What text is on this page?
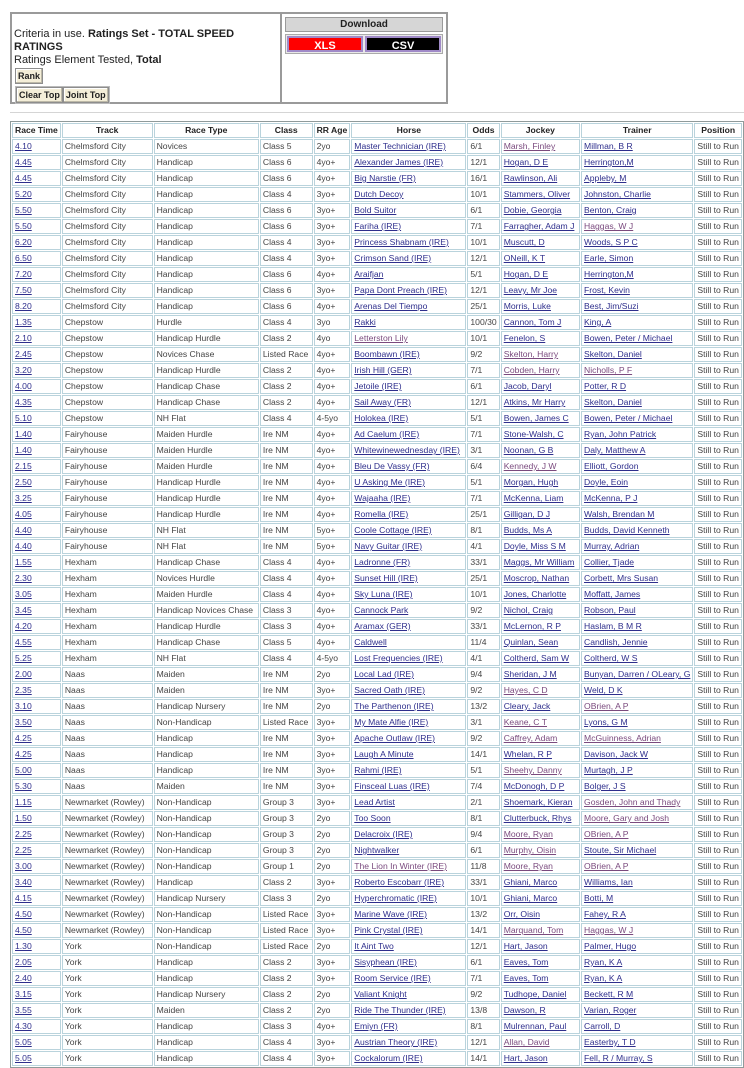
Criteria in use. Ratings Set - TOTAL SPEED RATINGS
Ratings Element Tested, Total
Rank
Clear Top Joint Top
Download
XLS	CSV
Race Time	Track	Race Type	Class	RR Age	Horse	Odds	Jockey	Trainer	Position
4.10	Chelmsford City	Novices	Class 5	2yo	Master Technician (IRE)	6/1	Marsh, Finley	Millman, B R	Still to Run
4.45	Chelmsford City	Handicap	Class 6	4yo+	Alexander James (IRE)	12/1	Hogan, D E	Herrington,M	Still to Run
4.45	Chelmsford City	Handicap	Class 6	4yo+	Big Narstie (FR)	16/1	Rawlinson, Ali	Appleby, M	Still to Run
5.20	Chelmsford City	Handicap	Class 4	3yo+	Dutch Decoy	10/1	Stammers, Oliver	Johnston, Charlie	Still to Run
5.50	Chelmsford City	Handicap	Class 6	3yo+	Bold Suitor	6/1	Dobie, Georgia	Benton, Craig	Still to Run
5.50	Chelmsford City	Handicap	Class 6	3yo+	Fariha (IRE)	7/1	Farragher, Adam J	Haggas, W J	Still to Run
6.20	Chelmsford City	Handicap	Class 4	3yo+	Princess Shabnam (IRE)	10/1	Muscutt, D	Woods, S P C	Still to Run
6.50	Chelmsford City	Handicap	Class 4	3yo+	Crimson Sand (IRE)	12/1	ONeill, K T	Earle, Simon	Still to Run
7.20	Chelmsford City	Handicap	Class 6	4yo+	Araifjan	5/1	Hogan, D E	Herrington,M	Still to Run
7.50	Chelmsford City	Handicap	Class 6	3yo+	Papa Dont Preach (IRE)	12/1	Leavy, Mr Joe	Frost, Kevin	Still to Run
8.20	Chelmsford City	Handicap	Class 6	4yo+	Arenas Del Tiempo	25/1	Morris, Luke	Best, Jim/Suzi	Still to Run
1.35	Chepstow	Hurdle	Class 4	3yo	Rakki	100/30	Cannon, Tom J	King, A	Still to Run
2.10	Chepstow	Handicap Hurdle	Class 2	4yo	Letterston Lily	10/1	Fenelon, S	Bowen, Peter / Michael	Still to Run
2.45	Chepstow	Novices Chase	Listed Race	4yo+	Boombawn (IRE)	9/2	Skelton, Harry	Skelton, Daniel	Still to Run
3.20	Chepstow	Handicap Hurdle	Class 2	4yo+	Irish Hill (GER)	7/1	Cobden, Harry	Nicholls, P F	Still to Run
4.00	Chepstow	Handicap Chase	Class 2	4yo+	Jetoile (IRE)	6/1	Jacob, Daryl	Potter, R D	Still to Run
4.35	Chepstow	Handicap Chase	Class 2	4yo+	Sail Away (FR)	12/1	Atkins, Mr Harry	Skelton, Daniel	Still to Run
5.10	Chepstow	NH Flat	Class 4	4-5yo	Holokea (IRE)	5/1	Bowen, James C	Bowen, Peter / Michael	Still to Run
1.40	Fairyhouse	Maiden Hurdle	Ire NM	4yo+	Ad Caelum (IRE)	7/1	Stone-Walsh, C	Ryan, John Patrick	Still to Run
1.40	Fairyhouse	Maiden Hurdle	Ire NM	4yo+	Whitewinewednesday (IRE)	3/1	Noonan, G B	Daly, Matthew A	Still to Run
2.15	Fairyhouse	Maiden Hurdle	Ire NM	4yo+	Bleu De Vassy (FR)	6/4	Kennedy, J W	Elliott, Gordon	Still to Run
2.50	Fairyhouse	Handicap Hurdle	Ire NM	4yo+	U Asking Me (IRE)	5/1	Morgan, Hugh	Doyle, Eoin	Still to Run
3.25	Fairyhouse	Handicap Hurdle	Ire NM	4yo+	Wajaaha (IRE)	7/1	McKenna, Liam	McKenna, P J	Still to Run
4.05	Fairyhouse	Handicap Hurdle	Ire NM	4yo+	Romella (IRE)	25/1	Gilligan, D J	Walsh, Brendan M	Still to Run
4.40	Fairyhouse	NH Flat	Ire NM	5yo+	Coole Cottage (IRE)	8/1	Budds, Ms A	Budds, David Kenneth	Still to Run
4.40	Fairyhouse	NH Flat	Ire NM	5yo+	Navy Guitar (IRE)	4/1	Doyle, Miss S M	Murray, Adrian	Still to Run
1.55	Hexham	Handicap Chase	Class 4	4yo+	Ladronne (FR)	33/1	Maggs, Mr William	Collier, Tjade	Still to Run
2.30	Hexham	Novices Hurdle	Class 4	4yo+	Sunset Hill (IRE)	25/1	Moscrop, Nathan	Corbett, Mrs Susan	Still to Run
3.05	Hexham	Maiden Hurdle	Class 4	4yo+	Sky Luna (IRE)	10/1	Jones, Charlotte	Moffatt, James	Still to Run
3.45	Hexham	Handicap Novices Chase	Class 3	4yo+	Cannock Park	9/2	Nichol, Craig	Robson, Paul	Still to Run
4.20	Hexham	Handicap Hurdle	Class 3	4yo+	Aramax (GER)	33/1	McLernon, R P	Haslam, B M R	Still to Run
4.55	Hexham	Handicap Chase	Class 5	4yo+	Caldwell	11/4	Quinlan, Sean	Candlish, Jennie	Still to Run
5.25	Hexham	NH Flat	Class 4	4-5yo	Lost Frequencies (IRE)	4/1	Coltherd, Sam W	Coltherd, W S	Still to Run
2.00	Naas	Maiden	Ire NM	2yo	Local Lad (IRE)	9/4	Sheridan, J M	Bunyan, Darren / OLeary, G	Still to Run
2.35	Naas	Maiden	Ire NM	3yo+	Sacred Oath (IRE)	9/2	Hayes, C D	Weld, D K	Still to Run
3.10	Naas	Handicap Nursery	Ire NM	2yo	The Parthenon (IRE)	13/2	Cleary, Jack	OBrien, A P	Still to Run
3.50	Naas	Non-Handicap	Listed Race	3yo+	My Mate Alfie (IRE)	3/1	Keane, C T	Lyons, G M	Still to Run
4.25	Naas	Handicap	Ire NM	3yo+	Apache Outlaw (IRE)	9/2	Caffrey, Adam	McGuinness, Adrian	Still to Run
4.25	Naas	Handicap	Ire NM	3yo+	Laugh A Minute	14/1	Whelan, R P	Davison, Jack W	Still to Run
5.00	Naas	Handicap	Ire NM	3yo+	Rahmi (IRE)	5/1	Sheehy, Danny	Murtagh, J P	Still to Run
5.30	Naas	Maiden	Ire NM	3yo+	Finsceal Luas (IRE)	7/4	McDonogh, D P	Bolger, J S	Still to Run
1.15	Newmarket (Rowley)	Non-Handicap	Group 3	3yo+	Lead Artist	2/1	Shoemark, Kieran	Gosden, John and Thady	Still to Run
1.50	Newmarket (Rowley)	Non-Handicap	Group 3	2yo	Too Soon	8/1	Clutterbuck, Rhys	Moore, Gary and Josh	Still to Run
2.25	Newmarket (Rowley)	Non-Handicap	Group 3	2yo	Delacroix (IRE)	9/4	Moore, Ryan	OBrien, A P	Still to Run
2.25	Newmarket (Rowley)	Non-Handicap	Group 3	2yo	Nightwalker	6/1	Murphy, Oisin	Stoute, Sir Michael	Still to Run
3.00	Newmarket (Rowley)	Non-Handicap	Group 1	2yo	The Lion In Winter (IRE)	11/8	Moore, Ryan	OBrien, A P	Still to Run
3.40	Newmarket (Rowley)	Handicap	Class 2	3yo+	Roberto Escobarr (IRE)	33/1	Ghiani, Marco	Williams, Ian	Still to Run
4.15	Newmarket (Rowley)	Handicap Nursery	Class 3	2yo	Hyperchromatic (IRE)	10/1	Ghiani, Marco	Botti, M	Still to Run
4.50	Newmarket (Rowley)	Non-Handicap	Listed Race	3yo+	Marine Wave (IRE)	13/2	Orr, Oisin	Fahey, R A	Still to Run
4.50	Newmarket (Rowley)	Non-Handicap	Listed Race	3yo+	Pink Crystal (IRE)	14/1	Marquand, Tom	Haggas, W J	Still to Run
1.30	York	Non-Handicap	Listed Race	2yo	It Aint Two	12/1	Hart, Jason	Palmer, Hugo	Still to Run
2.05	York	Handicap	Class 2	3yo+	Sisyphean (IRE)	6/1	Eaves, Tom	Ryan, K A	Still to Run
2.40	York	Handicap	Class 2	3yo+	Room Service (IRE)	7/1	Eaves, Tom	Ryan, K A	Still to Run
3.15	York	Handicap Nursery	Class 2	2yo	Valiant Knight	9/2	Tudhope, Daniel	Beckett, R M	Still to Run
3.55	York	Maiden	Class 2	2yo	Ride The Thunder (IRE)	13/8	Dawson, R	Varian, Roger	Still to Run
4.30	York	Handicap	Class 3	4yo+	Emiyn (FR)	8/1	Mulrennan, Paul	Carroll, D	Still to Run
5.05	York	Handicap	Class 4	3yo+	Austrian Theory (IRE)	12/1	Allan, David	Easterby, T D	Still to Run
5.05	York	Handicap	Class 4	3yo+	Cockalorum (IRE)	14/1	Hart, Jason	Fell, R / Murray, S	Still to Run
